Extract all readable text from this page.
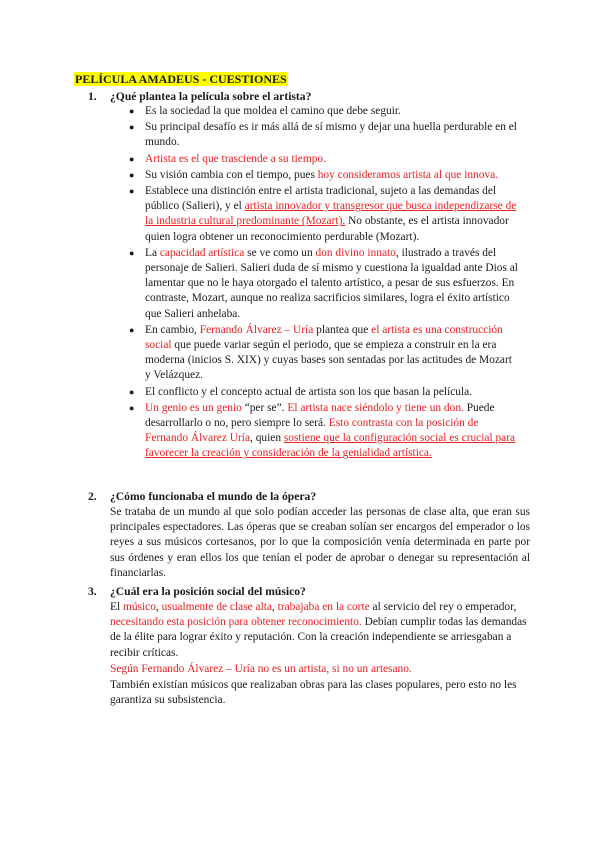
PELÍCULA AMADEUS - CUESTIONES
1. ¿Qué plantea la película sobre el artista?
● Es la sociedad la que moldea el camino que debe seguir.
● Su principal desafío es ir más allá de sí mismo y dejar una huella perdurable en el mundo.
● Artista es el que trasciende a su tiempo.
● Su visión cambia con el tiempo, pues hoy consideramos artista al que innova.
● Establece una distinción entre el artista tradicional, sujeto a las demandas del público (Salieri), y el artista innovador y transgresor que busca independizarse de la industria cultural predominante (Mozart). No obstante, es el artista innovador quien logra obtener un reconocimiento perdurable (Mozart).
● La capacidad artística se ve como un don divino innato, ilustrado a través del personaje de Salieri. Salieri duda de sí mismo y cuestiona la igualdad ante Dios al lamentar que no le haya otorgado el talento artístico, a pesar de sus esfuerzos. En contraste, Mozart, aunque no realiza sacrificios similares, logra el éxito artístico que Salieri anhelaba.
● En cambio, Fernando Álvarez – Uría plantea que el artista es una construcción social que puede variar según el periodo, que se empieza a construir en la era moderna (inicios S. XIX) y cuyas bases son sentadas por las actitudes de Mozart y Velázquez.
● El conflicto y el concepto actual de artista son los que basan la película.
● Un genio es un genio “per se”. El artista nace siéndolo y tiene un don. Puede desarrollarlo o no, pero siempre lo será. Esto contrasta con la posición de Fernando Álvarez Uría, quien sostiene que la configuración social es crucial para favorecer la creación y consideración de la genialidad artística.
2. ¿Cómo funcionaba el mundo de la ópera?
Se trataba de un mundo al que solo podían acceder las personas de clase alta, que eran sus principales espectadores. Las óperas que se creaban solían ser encargos del emperador o los reyes a sus músicos cortesanos, por lo que la composición venía determinada en parte por sus órdenes y eran ellos los que tenían el poder de aprobar o denegar su representación al financiarlas.
3. ¿Cuál era la posición social del músico?
El músico, usualmente de clase alta, trabajaba en la corte al servicio del rey o emperador, necesitando esta posición para obtener reconocimiento. Debían cumplir todas las demandas de la élite para lograr éxito y reputación. Con la creación independiente se arriesgaban a recibir críticas.
Según Fernando Álvarez – Uría no es un artista, si no un artesano.
También existían músicos que realizaban obras para las clases populares, pero esto no les garantiza su subsistencia.
